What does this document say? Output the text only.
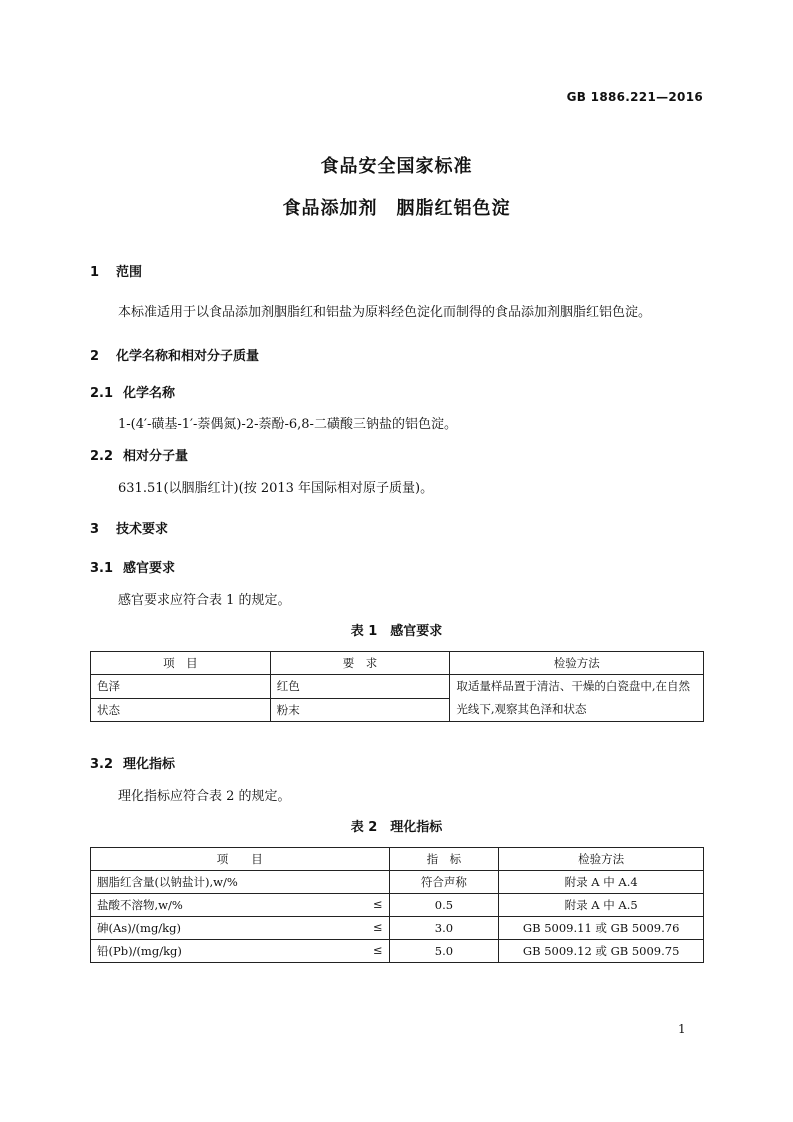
GB 1886.221—2016
食品安全国家标准
食品添加剂　胭脂红铝色淀
1 范围
本标准适用于以食品添加剂胭脂红和铝盐为原料经色淀化而制得的食品添加剂胭脂红铝色淀。
2 化学名称和相对分子质量
2.1 化学名称
1-(4′-磺基-1′-萘偶氮)-2-萘酚-6,8-二磺酸三钠盐的铝色淀。
2.2 相对分子量
631.51(以胭脂红计)(按 2013 年国际相对原子质量)。
3 技术要求
3.1 感官要求
感官要求应符合表 1 的规定。
表 1　感官要求
项　目	要　求	检验方法
色泽	红色	取适量样品置于清洁、干燥的白瓷盘中,在自然光线下,观察其色泽和状态
状态	粉末	
3.2 理化指标
理化指标应符合表 2 的规定。
表 2　理化指标
项　　目	指　标	检验方法
胭脂红含量(以钠盐计),w/%	符合声称	附录 A 中 A.4
盐酸不溶物,w/% ≤	0.5	附录 A 中 A.5
砷(As)/(mg/kg) ≤	3.0	GB 5009.11 或 GB 5009.76
铅(Pb)/(mg/kg) ≤	5.0	GB 5009.12 或 GB 5009.75
1
